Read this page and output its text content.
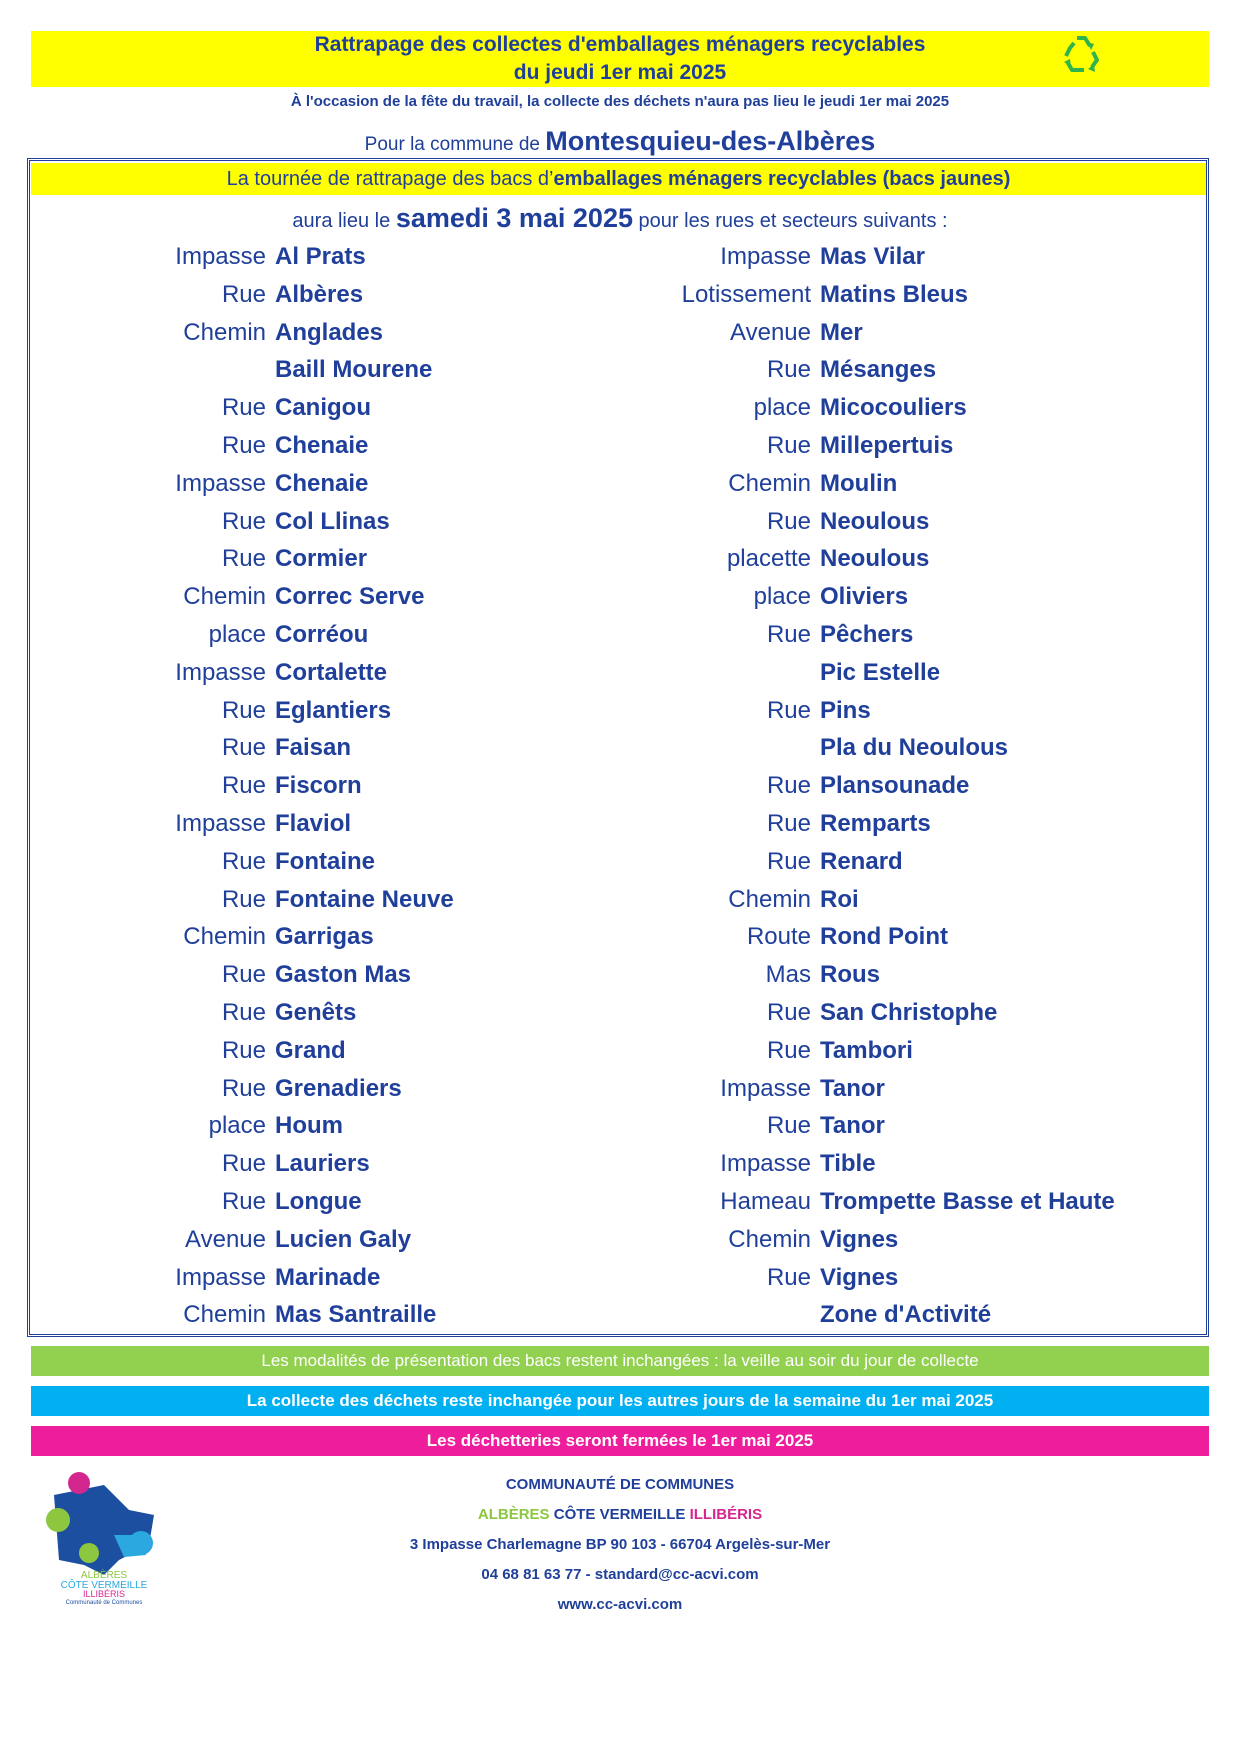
Rattrapage des collectes d'emballages ménagers recyclables
du jeudi 1er mai 2025
À l'occasion de la fête du travail, la collecte des déchets n'aura pas lieu le jeudi 1er mai 2025
Pour la commune de Montesquieu-des-Albères
La tournée de rattrapage des bacs d’emballages ménagers recyclables (bacs jaunes)
aura lieu le samedi 3 mai 2025 pour les rues et secteurs suivants :
Impasse Al Prats
Rue Albères
Chemin Anglades
Baill Mourene
Rue Canigou
Rue Chenaie
Impasse Chenaie
Rue Col Llinas
Rue Cormier
Chemin Correc Serve
place Corréou
Impasse Cortalette
Rue Eglantiers
Rue Faisan
Rue Fiscorn
Impasse Flaviol
Rue Fontaine
Rue Fontaine Neuve
Chemin Garrigas
Rue Gaston Mas
Rue Genêts
Rue Grand
Rue Grenadiers
place Houm
Rue Lauriers
Rue Longue
Avenue Lucien Galy
Impasse Marinade
Chemin Mas Santraille
Impasse Mas Vilar
Lotissement Matins Bleus
Avenue Mer
Rue Mésanges
place Micocouliers
Rue Millepertuis
Chemin Moulin
Rue Neoulous
placette Neoulous
place Oliviers
Rue Pêchers
Pic Estelle
Rue Pins
Pla du Neoulous
Rue Plansounade
Rue Remparts
Rue Renard
Chemin Roi
Route Rond Point
Mas Rous
Rue San Christophe
Rue Tambori
Impasse Tanor
Rue Tanor
Impasse Tible
Hameau Trompette Basse et Haute
Chemin Vignes
Rue Vignes
Zone d'Activité
Les modalités de présentation des bacs restent inchangées : la veille au soir du jour de collecte
La collecte des déchets reste inchangée pour les autres jours de la semaine du 1er mai 2025
Les déchetteries seront fermées le 1er mai 2025
ALBÈRES
CÔTE VERMEILLE
ILLIBÉRIS
Communauté de Communes
COMMUNAUTÉ DE COMMUNES
ALBÈRES CÔTE VERMEILLE ILLIBÉRIS
3 Impasse Charlemagne BP 90 103 - 66704 Argelès-sur-Mer
04 68 81 63 77 - standard@cc-acvi.com
www.cc-acvi.com
